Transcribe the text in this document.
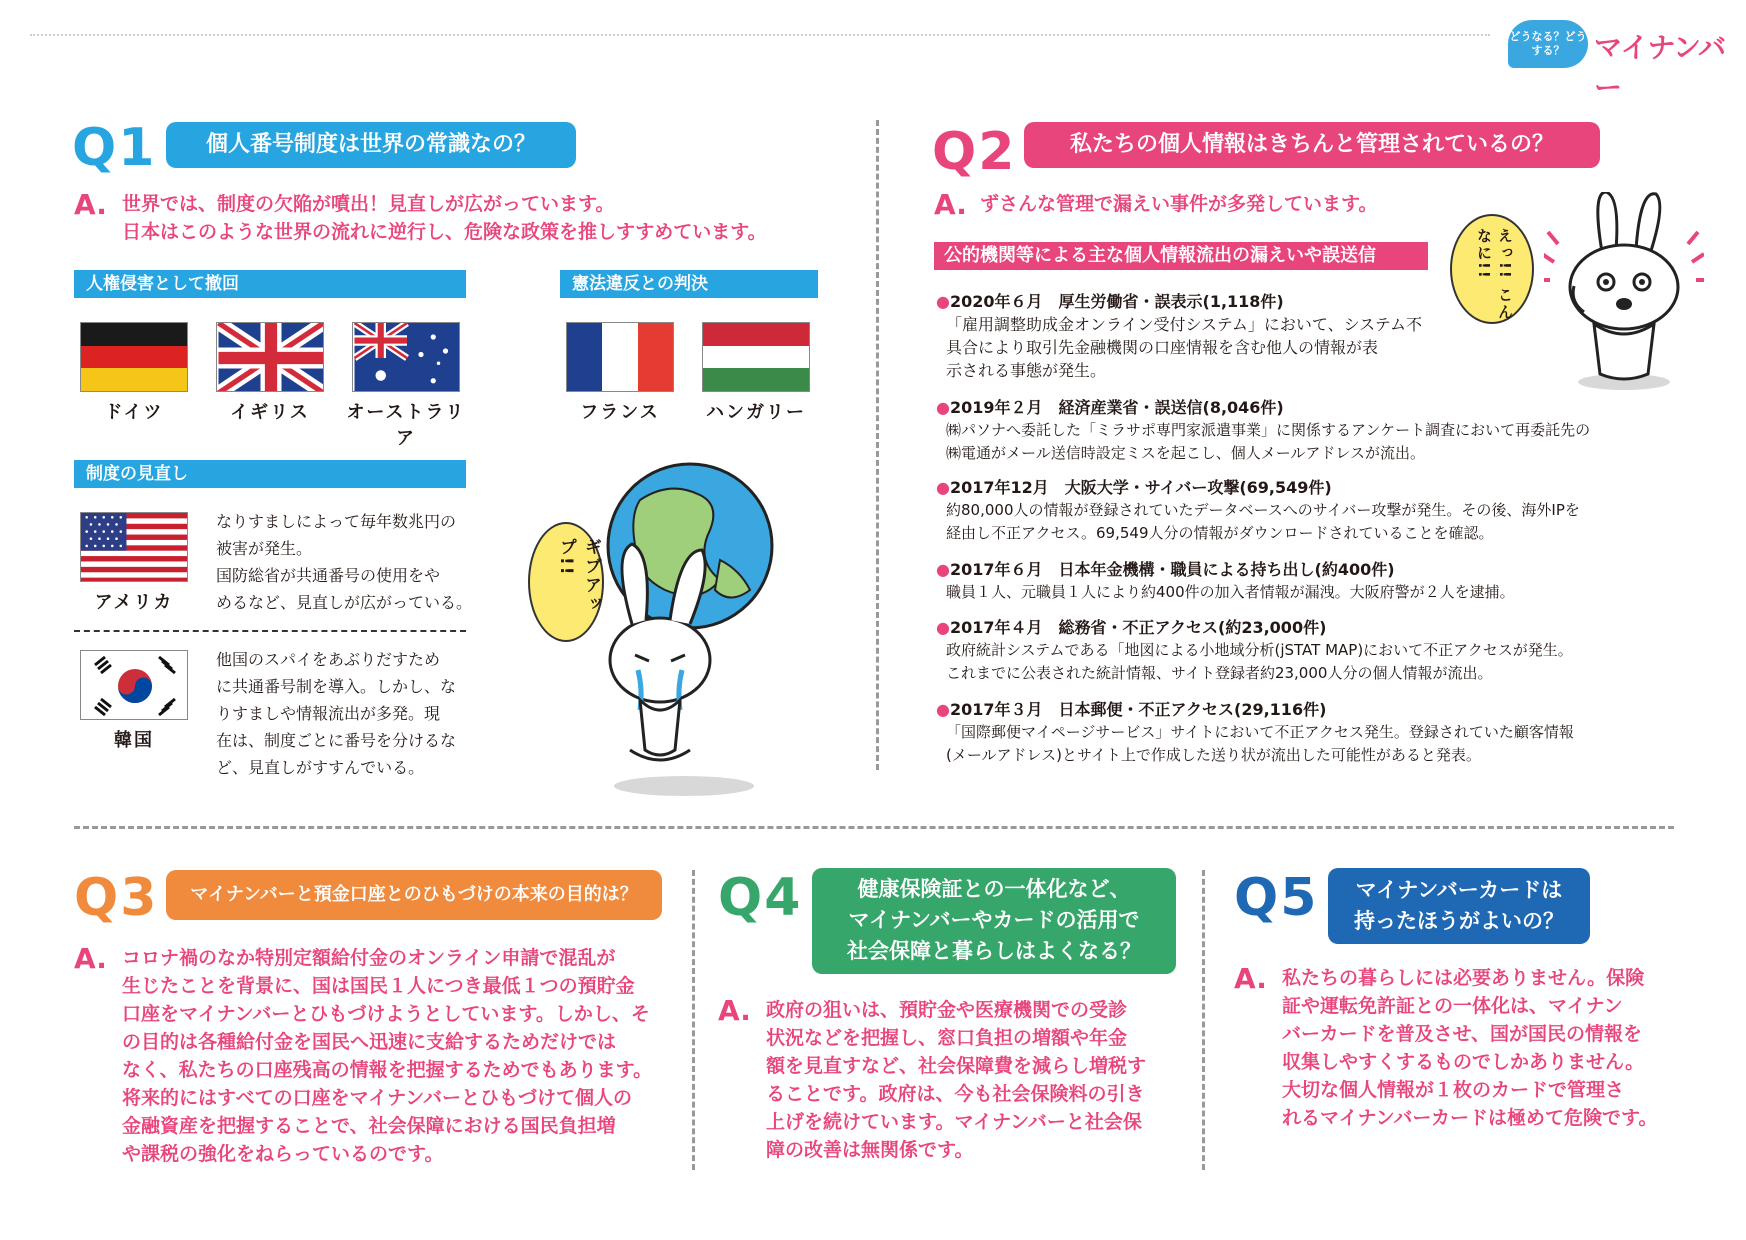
どうなる？どうする？	マイナンバー
Q1	個人番号制度は世界の常識なの？
A. 世界では、制度の欠陥が噴出！見直しが広がっています。
日本はこのような世界の流れに逆行し、危険な政策を推しすすめています。
人権侵害として撤回	憲法違反との判決
ドイツ	イギリス	オーストラリア
フランス	ハンガリー
制度の見直し
アメリカ
なりすましによって毎年数兆円の
被害が発生。
国防総省が共通番号の使用をや
めるなど、見直しが広がっている。
韓国
他国のスパイをあぶりだすため
に共通番号制を導入。しかし、な
りすましや情報流出が多発。現
在は、制度ごとに番号を分けるな
ど、見直しがすすんでいる。
ギブアップ!!
Q2	私たちの個人情報はきちんと管理されているの？
A. ずさんな管理で漏えい事件が多発しています。
公的機関等による主な個人情報流出の漏えいや誤送信	えっ!! こんなに!!
●2020年６月　厚生労働省・誤表示(1,118件)
「雇用調整助成金オンライン受付システム」において、システム不
具合により取引先金融機関の口座情報を含む他人の情報が表
示される事態が発生。
●2019年２月　経済産業省・誤送信(8,046件)
㈱パソナへ委託した「ミラサポ専門家派遣事業」に関係するアンケート調査において再委託先の
㈱電通がメール送信時設定ミスを起こし、個人メールアドレスが流出。
●2017年12月　大阪大学・サイバー攻撃(69,549件)
約80,000人の情報が登録されていたデータベースへのサイバー攻撃が発生。その後、海外IPを
経由し不正アクセス。69,549人分の情報がダウンロードされていることを確認。
●2017年６月　日本年金機構・職員による持ち出し(約400件)
職員１人、元職員１人により約400件の加入者情報が漏洩。大阪府警が２人を逮捕。
●2017年４月　総務省・不正アクセス(約23,000件)
政府統計システムである「地図による小地域分析(jSTAT MAP)において不正アクセスが発生。
これまでに公表された統計情報、サイト登録者約23,000人分の個人情報が流出。
●2017年３月　日本郵便・不正アクセス(29,116件)
「国際郵便マイページサービス」サイトにおいて不正アクセス発生。登録されていた顧客情報
(メールアドレス)とサイト上で作成した送り状が流出した可能性があると発表。
Q3	マイナンバーと預金口座とのひもづけの本来の目的は？
A. コロナ禍のなか特別定額給付金のオンライン申請で混乱が
生じたことを背景に、国は国民１人につき最低１つの預貯金
口座をマイナンバーとひもづけようとしています。しかし、そ
の目的は各種給付金を国民へ迅速に支給するためだけでは
なく、私たちの口座残高の情報を把握するためでもあります。
将来的にはすべての口座をマイナンバーとひもづけて個人の
金融資産を把握することで、社会保障における国民負担増
や課税の強化をねらっているのです。
Q4	健康保険証との一体化など、
マイナンバーやカードの活用で
社会保障と暮らしはよくなる？
A. 政府の狙いは、預貯金や医療機関での受診
状況などを把握し、窓口負担の増額や年金
額を見直すなど、社会保障費を減らし増税す
ることです。政府は、今も社会保険料の引き
上げを続けています。マイナンバーと社会保
障の改善は無関係です。
Q5	マイナンバーカードは
持ったほうがよいの？
A. 私たちの暮らしには必要ありません。保険
証や運転免許証との一体化は、マイナン
バーカードを普及させ、国が国民の情報を
収集しやすくするものでしかありません。
大切な個人情報が１枚のカードで管理さ
れるマイナンバーカードは極めて危険です。
